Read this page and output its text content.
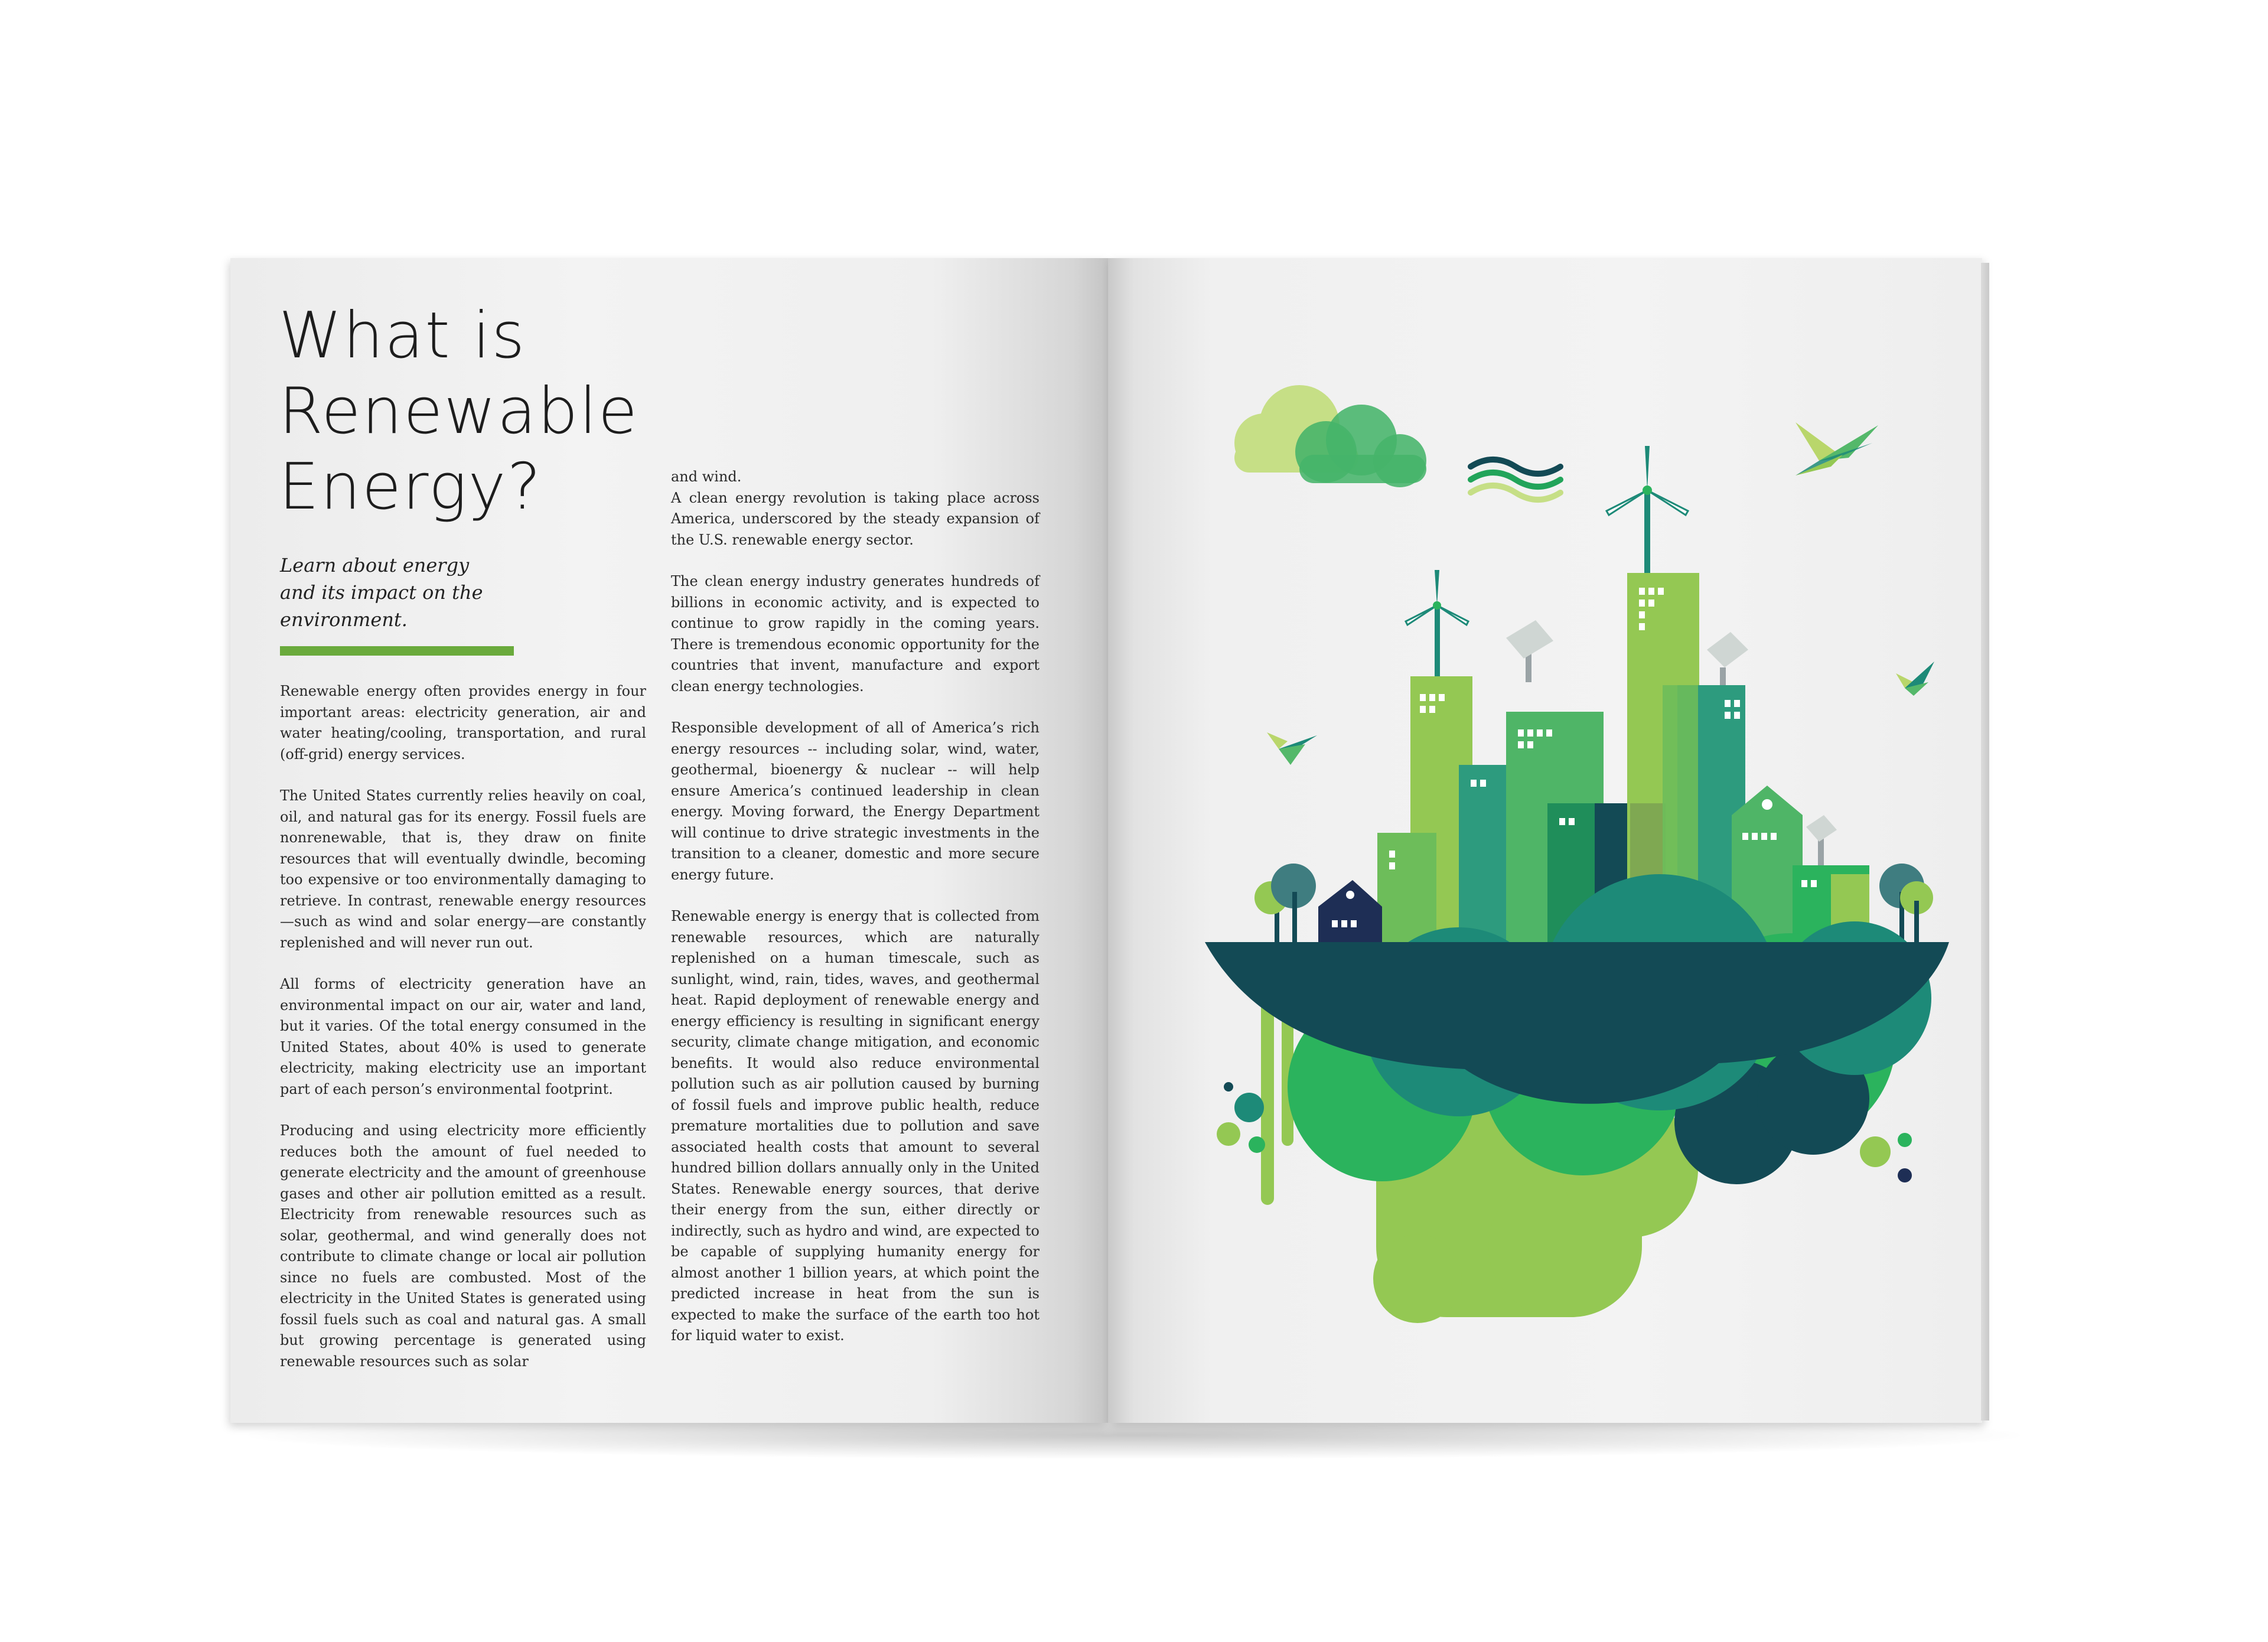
What is
Renewable
Energy?
Learn about energy
and its impact on the
environment.

Renewable energy often provides energy in four important areas: electricity generation, air and water heating/cooling, transportation, and rural (off-grid) energy services.

The United States currently relies heavily on coal, oil, and natural gas for its energy. Fossil fuels are nonrenewable, that is, they draw on finite resources that will eventually dwindle, becoming too expensive or too environmentally damaging to retrieve. In contrast, renewable energy resources—such as wind and solar energy—are constantly replenished and will never run out.

All forms of electricity generation have an environmental impact on our air, water and land, but it varies. Of the total energy consumed in the United States, about 40% is used to generate electricity, making electricity use an important part of each person’s environmental footprint.

Producing and using electricity more efficiently reduces both the amount of fuel needed to generate electricity and the amount of greenhouse gases and other air pollution emitted as a result. Electricity from renewable resources such as solar, geothermal, and wind generally does not contribute to climate change or local air pollution since no fuels are combusted. Most of the electricity in the United States is generated using fossil fuels such as coal and natural gas. A small but growing percentage is generated using renewable resources such as solar

and wind.

A clean energy revolution is taking place across America, underscored by the steady expansion of the U.S. renewable energy sector.

The clean energy industry generates hundreds of billions in economic activity, and is expected to continue to grow rapidly in the coming years. There is tremendous economic opportunity for the countries that invent, manufacture and export clean energy technologies.

Responsible development of all of America’s rich energy resources -- including solar, wind, water, geothermal, bioenergy & nuclear -- will help ensure America’s continued leadership in clean energy. Moving forward, the Energy Department will continue to drive strategic investments in the transition to a cleaner, domestic and more secure energy future.

Renewable energy is energy that is collected from renewable resources, which are naturally replenished on a human timescale, such as sunlight, wind, rain, tides, waves, and geothermal heat. Rapid deployment of renewable energy and energy efficiency is resulting in significant energy security, climate change mitigation, and economic benefits. It would also reduce environmental pollution such as air pollution caused by burning of fossil fuels and improve public health, reduce premature mortalities due to pollution and save associated health costs that amount to several hundred billion dollars annually only in the United States. Renewable energy sources, that derive their energy from the sun, either directly or indirectly, such as hydro and wind, are expected to be capable of supplying humanity energy for almost another 1 billion years, at which point the predicted increase in heat from the sun is expected to make the surface of the earth too hot for liquid water to exist.
